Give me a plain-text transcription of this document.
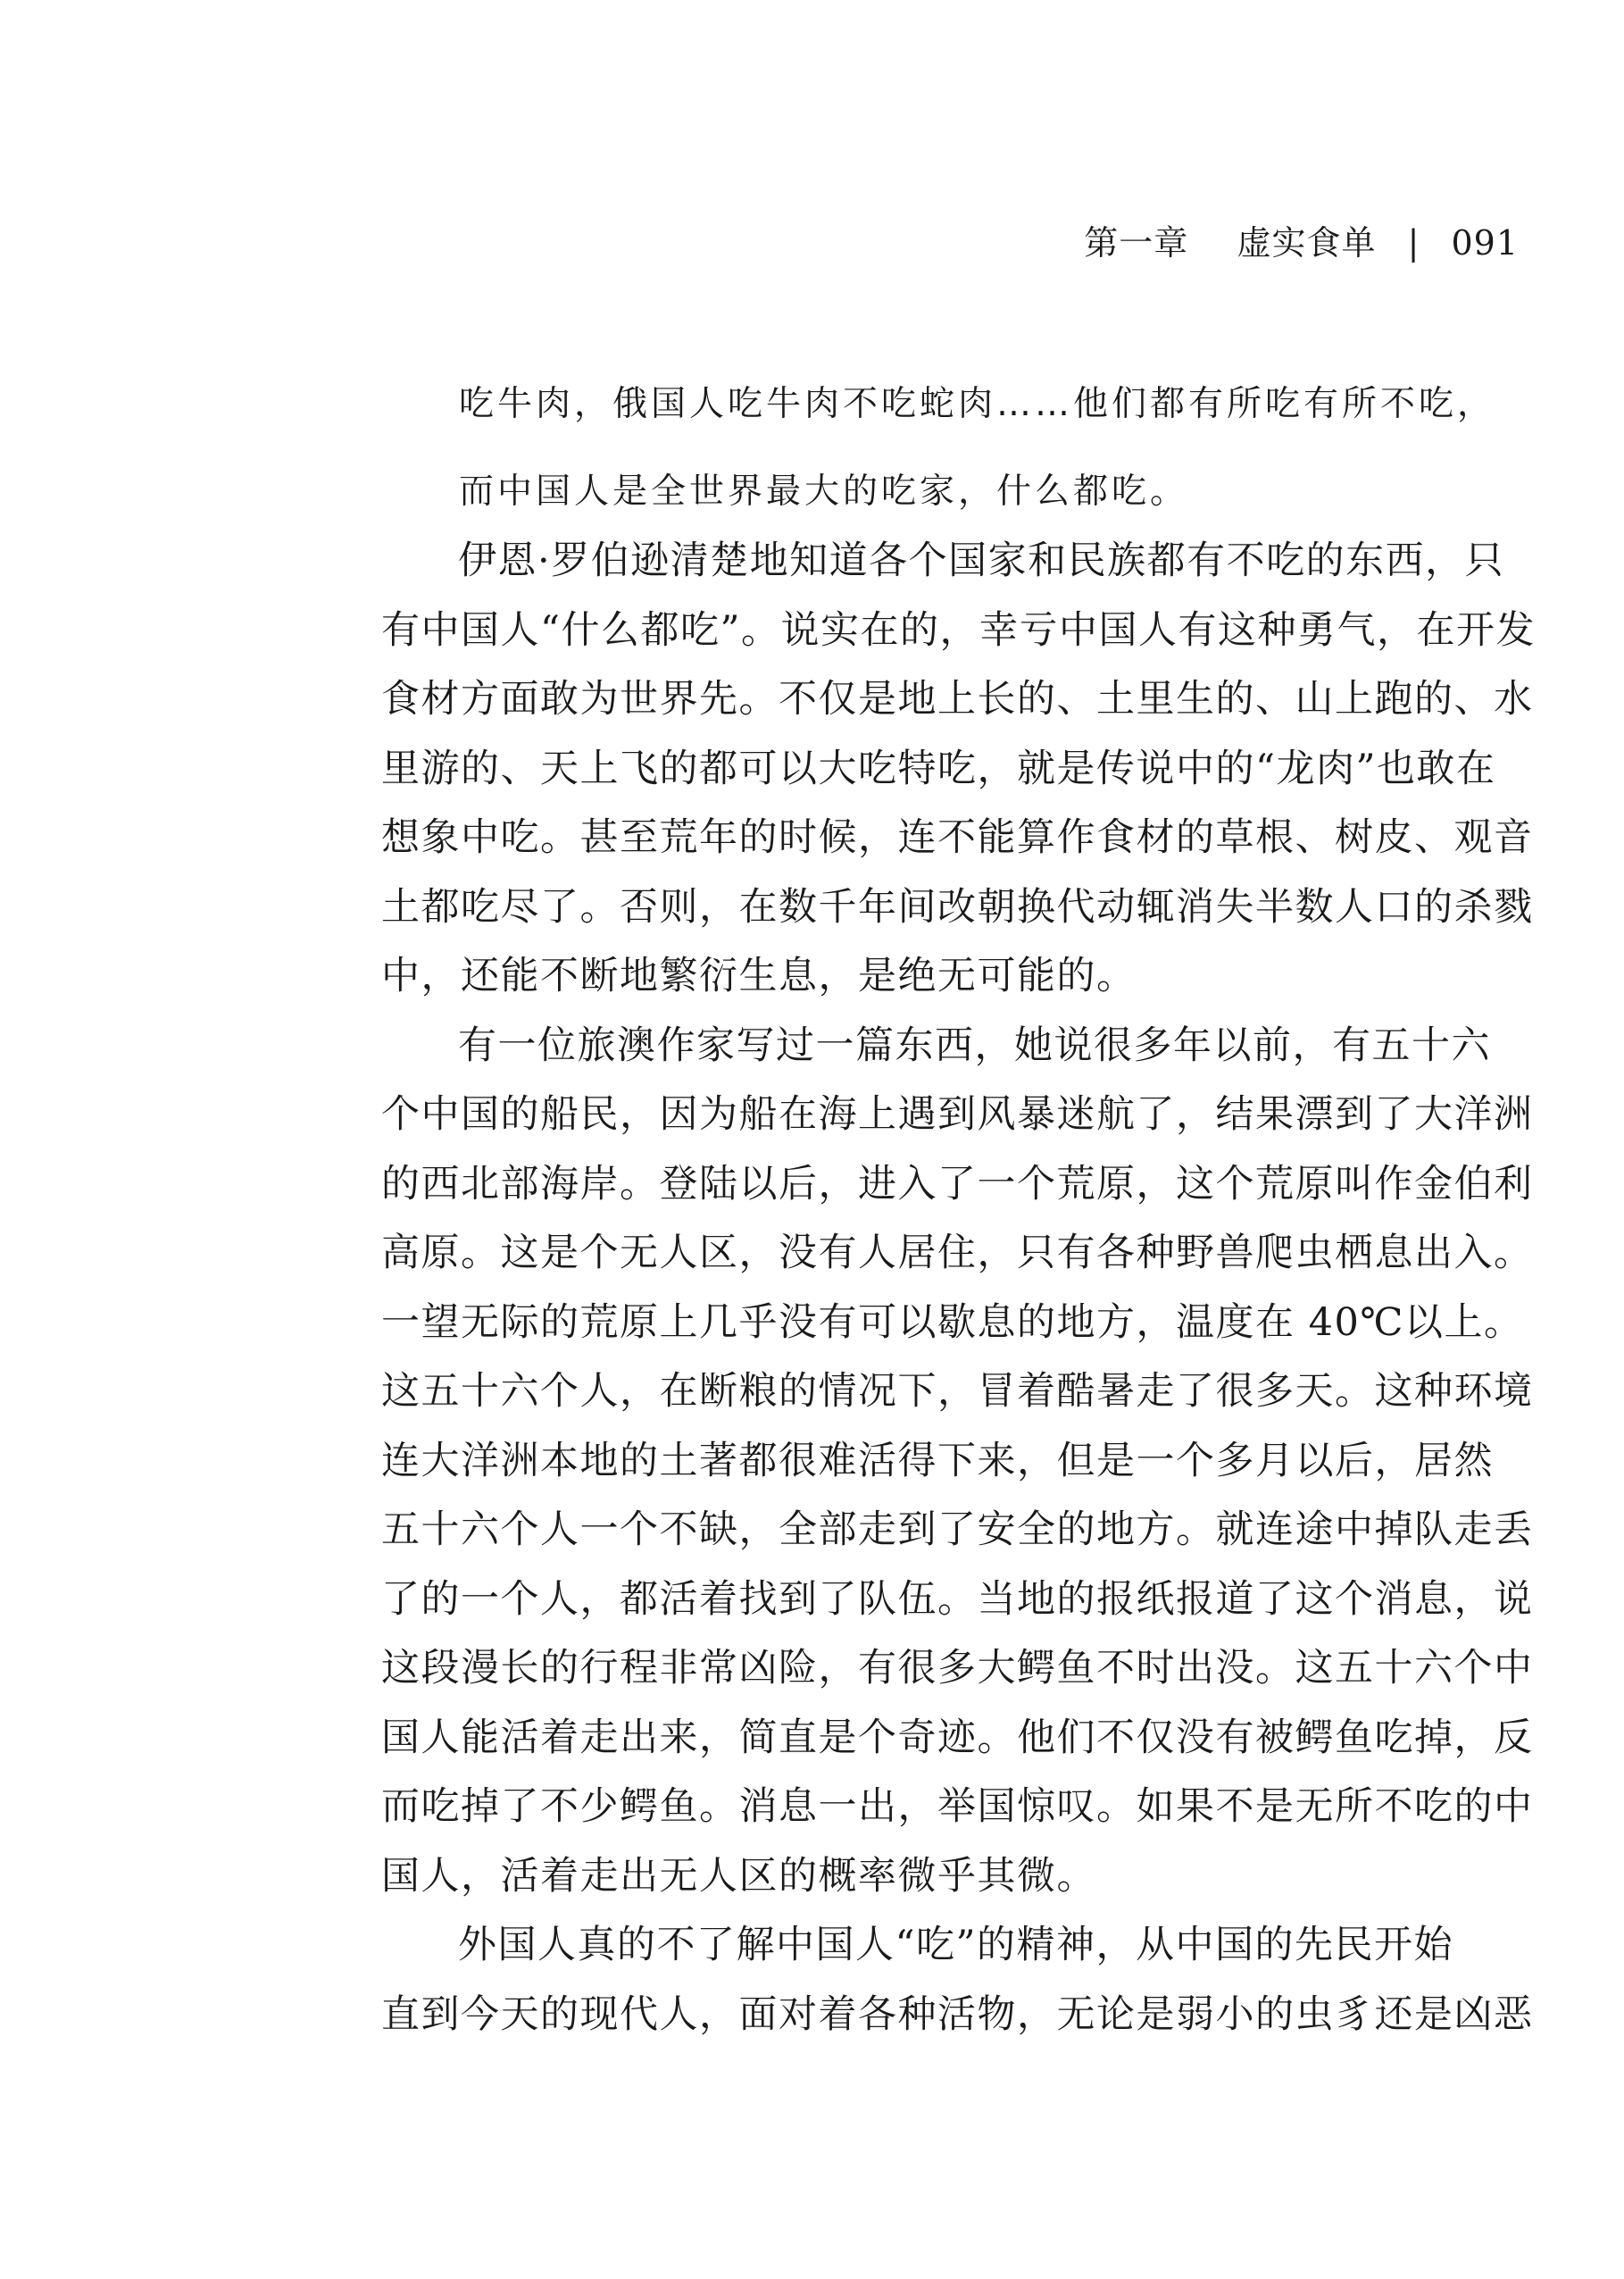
第一章 虚实食单 | 091
吃牛肉，俄国人吃牛肉不吃蛇肉……他们都有所吃有所不吃，
而中国人是全世界最大的吃家，什么都吃。
伊恩·罗伯逊清楚地知道各个国家和民族都有不吃的东西，只
有中国人“什么都吃”。说实在的，幸亏中国人有这种勇气，在开发
食材方面敢为世界先。不仅是地上长的、土里生的、山上跑的、水
里游的、天上飞的都可以大吃特吃，就是传说中的“龙肉”也敢在
想象中吃。甚至荒年的时候，连不能算作食材的草根、树皮、观音
土都吃尽了。否则，在数千年间改朝换代动辄消失半数人口的杀戮
中，还能不断地繁衍生息，是绝无可能的。
有一位旅澳作家写过一篇东西，她说很多年以前，有五十六
个中国的船民，因为船在海上遇到风暴迷航了，结果漂到了大洋洲
的西北部海岸。登陆以后，进入了一个荒原，这个荒原叫作金伯利
高原。这是个无人区，没有人居住，只有各种野兽爬虫栖息出入。
一望无际的荒原上几乎没有可以歇息的地方，温度在 40℃以上。
这五十六个人，在断粮的情况下，冒着酷暑走了很多天。这种环境
连大洋洲本地的土著都很难活得下来，但是一个多月以后，居然
五十六个人一个不缺，全部走到了安全的地方。就连途中掉队走丢
了的一个人，都活着找到了队伍。当地的报纸报道了这个消息，说
这段漫长的行程非常凶险，有很多大鳄鱼不时出没。这五十六个中
国人能活着走出来，简直是个奇迹。他们不仅没有被鳄鱼吃掉，反
而吃掉了不少鳄鱼。消息一出，举国惊叹。如果不是无所不吃的中
国人，活着走出无人区的概率微乎其微。
外国人真的不了解中国人“吃”的精神，从中国的先民开始
直到今天的现代人，面对着各种活物，无论是弱小的虫豸还是凶恶
